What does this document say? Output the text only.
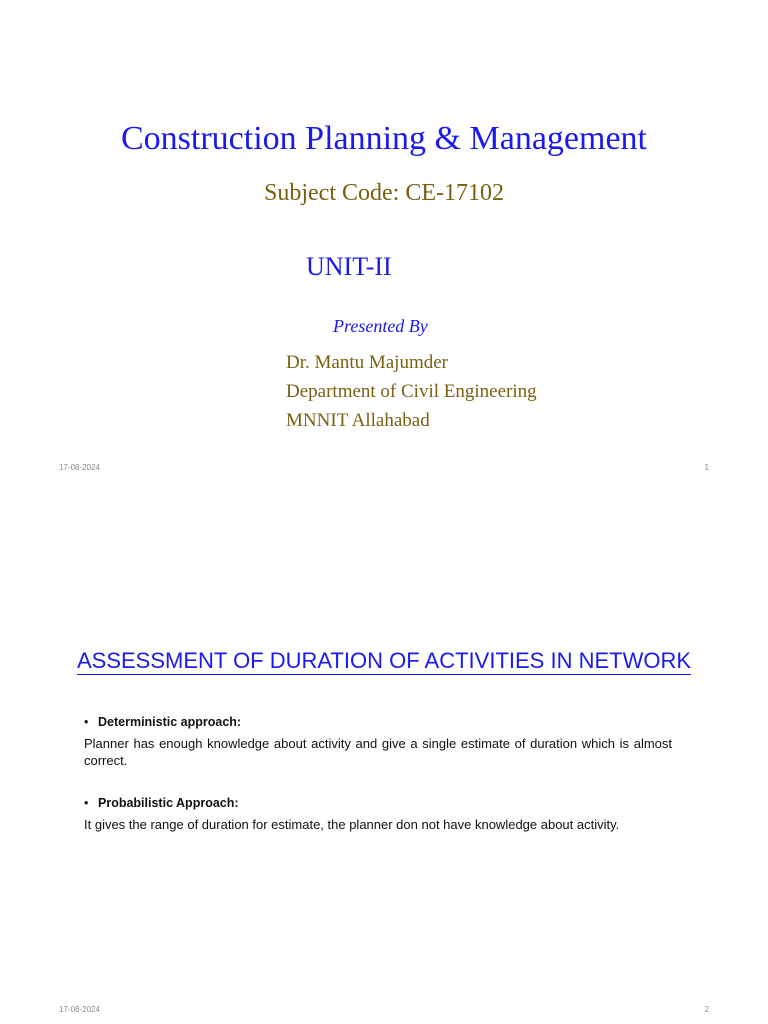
Construction Planning & Management
Subject Code: CE-17102
UNIT-II
Presented By
Dr. Mantu Majumder
Department of Civil Engineering
MNNIT Allahabad
17-08-2024	1
ASSESSMENT OF DURATION OF ACTIVITIES IN NETWORK
• Deterministic approach:
Planner has enough knowledge about activity and give a single estimate of duration which is almost correct.
• Probabilistic Approach:
It gives the range of duration for estimate, the planner don not have knowledge about activity.
17-08-2024	2
